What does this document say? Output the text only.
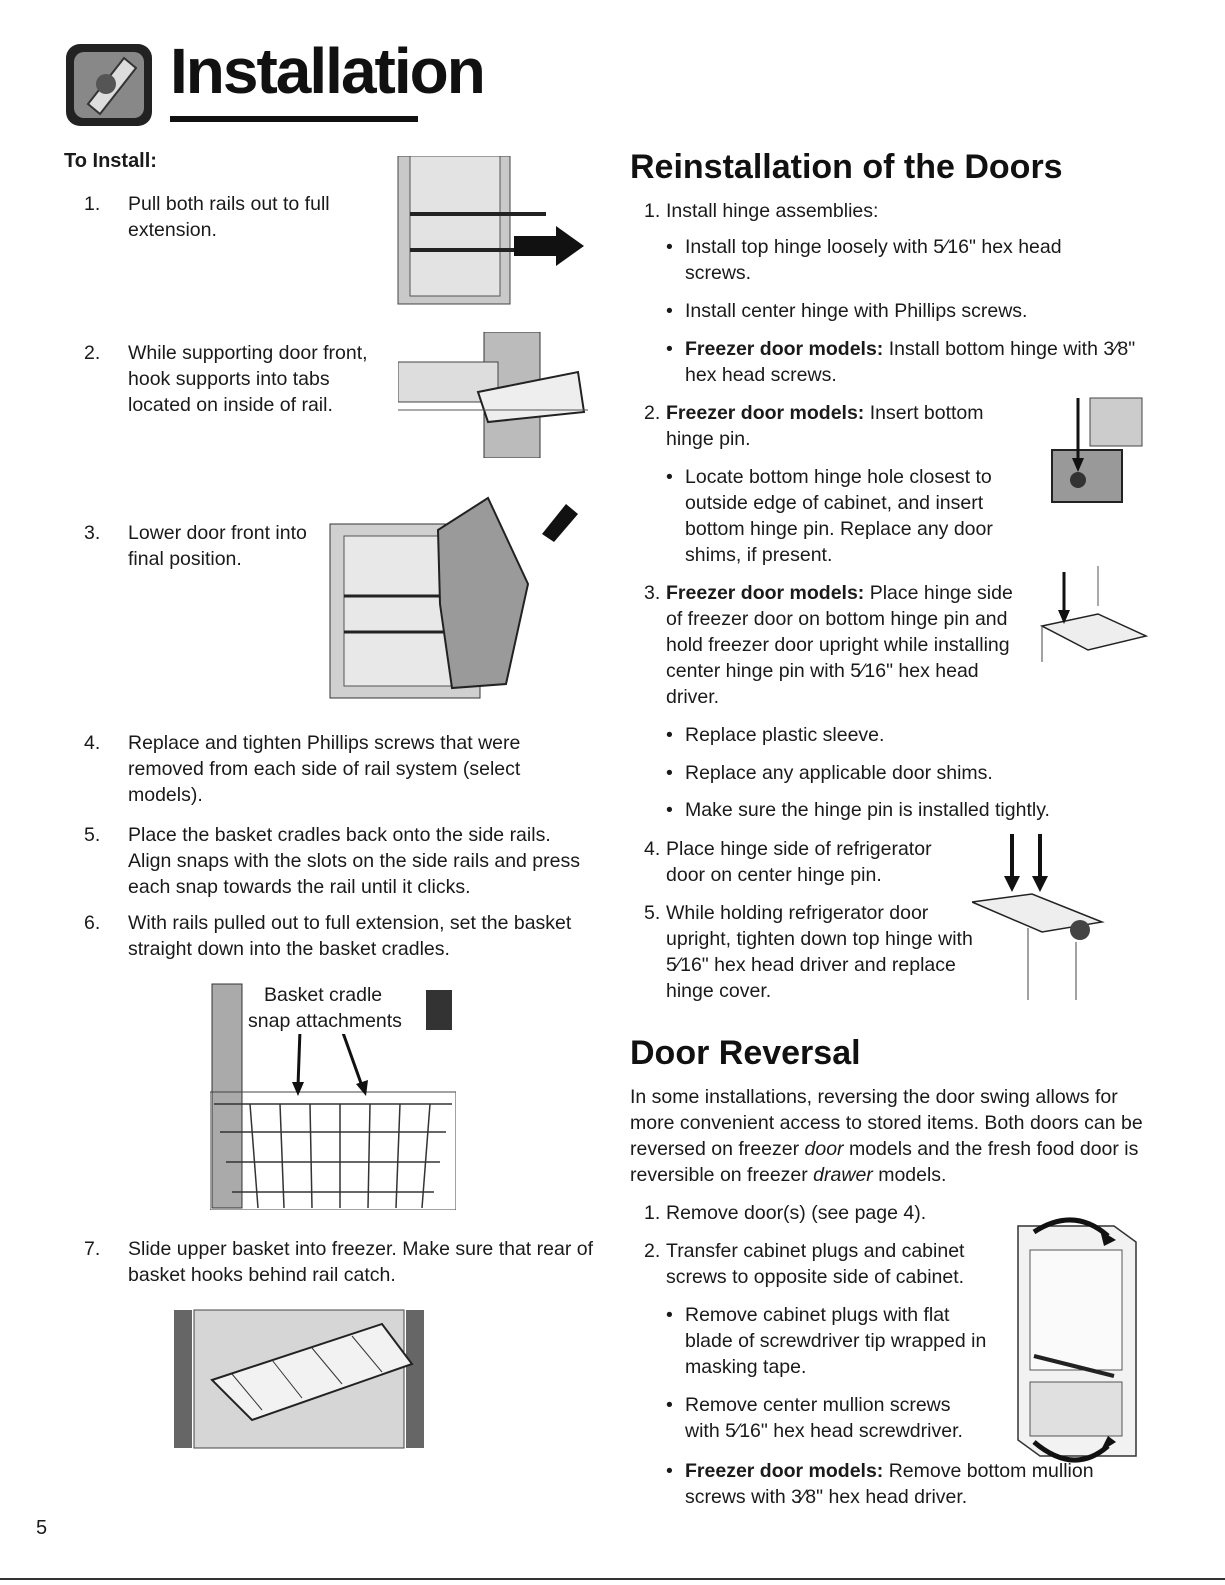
Installation
To Install:
1. Pull both rails out to full extension.
2. While supporting door front, hook supports into tabs located on inside of rail.
3. Lower door front into final position.
4. Replace and tighten Phillips screws that were removed from each side of rail system (select models).
5. Place the basket cradles back onto the side rails. Align snaps with the slots on the side rails and press each snap towards the rail until it clicks.
6. With rails pulled out to full extension, set the basket straight down into the basket cradles.
Basket cradle
snap attachments
7. Slide upper basket into freezer. Make sure that rear of basket hooks behind rail catch.
Reinstallation of the Doors
1. Install hinge assemblies:
• Install top hinge loosely with 5⁄16" hex head screws.
• Install center hinge with Phillips screws.
• Freezer door models: Install bottom hinge with 3⁄8" hex head screws.
2. Freezer door models: Insert bottom hinge pin.
• Locate bottom hinge hole closest to outside edge of cabinet, and insert bottom hinge pin. Replace any door shims, if present.
3. Freezer door models: Place hinge side of freezer door on bottom hinge pin and hold freezer door upright while installing center hinge pin with 5⁄16" hex head driver.
• Replace plastic sleeve.
• Replace any applicable door shims.
• Make sure the hinge pin is installed tightly.
4. Place hinge side of refrigerator door on center hinge pin.
5. While holding refrigerator door upright, tighten down top hinge with 5⁄16" hex head driver and replace hinge cover.
Door Reversal
In some installations, reversing the door swing allows for more convenient access to stored items. Both doors can be reversed on freezer door models and the fresh food door is reversible on freezer drawer models.
1. Remove door(s) (see page 4).
2. Transfer cabinet plugs and cabinet screws to opposite side of cabinet.
• Remove cabinet plugs with flat blade of screwdriver tip wrapped in masking tape.
• Remove center mullion screws with 5⁄16" hex head screwdriver.
• Freezer door models: Remove bottom mullion screws with 3⁄8" hex head driver.
5
